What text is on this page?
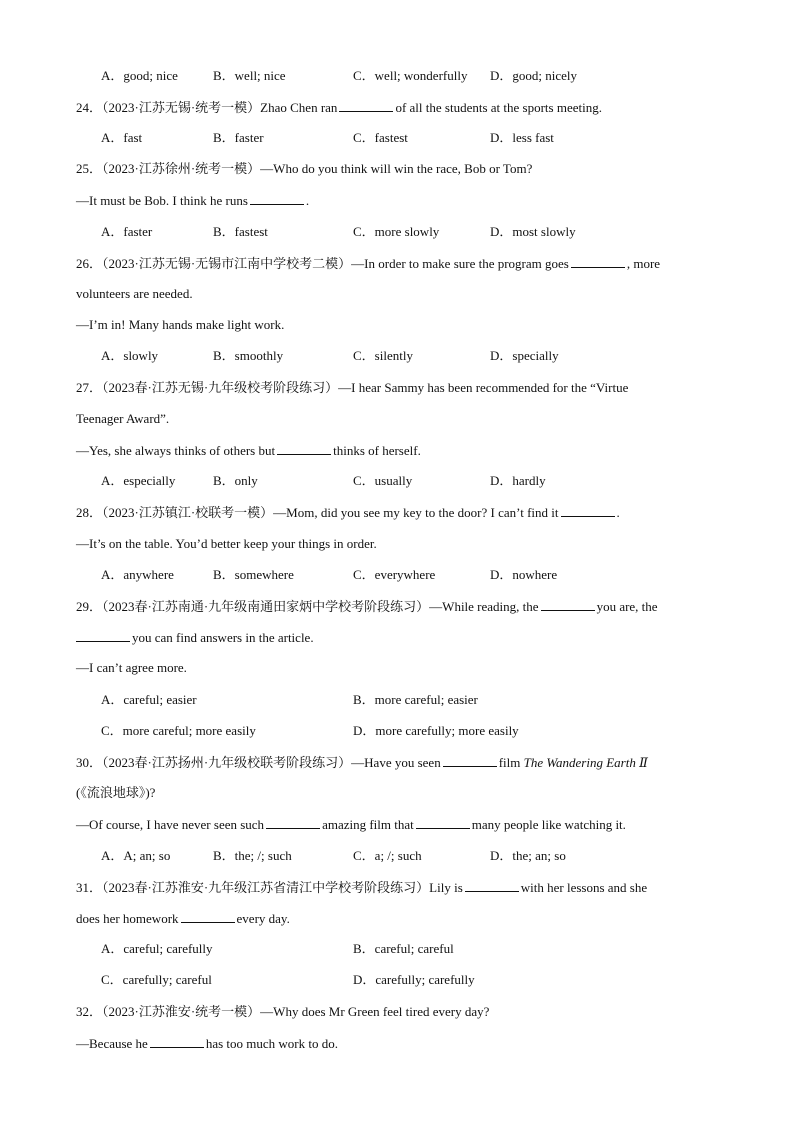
A．good; nice	B．well; nice	C．well; wonderfully D．good; nicely
24．（2023·江苏无锡·统考一模）Zhao Chen ran	of all the students at the sports meeting.
A．fast	B．faster	C．fastest	D．less fast
25．（2023·江苏徐州·统考一模）—Who do you think will win the race, Bob or Tom?
—It must be Bob. I think he runs	.
A．faster	B．fastest	C．more slowly	D．most slowly
26．（2023·江苏无锡·无锡市江南中学校考二模）—In order to make sure the program goes	, more
volunteers are needed.
—I’m in! Many hands make light work.
A．slowly	B．smoothly	C．silently	D．specially
27．（2023春·江苏无锡·九年级校考阶段练习）—I hear Sammy has been recommended for the “Virtue
Teenager Award”.
—Yes, she always thinks of others but	thinks of herself.
A．especially	B．only	C．usually	D．hardly
28．（2023·江苏镇江·校联考一模）—Mom, did you see my key to the door? I can’t find it	.
—It’s on the table. You’d better keep your things in order.
A．anywhere	B．somewhere	C．everywhere	D．nowhere
29．（2023春·江苏南通·九年级南通田家炳中学校考阶段练习）—While reading, the	you are, the
you can find answers in the article.
—I can’t agree more.
A．careful; easier	B．more careful; easier
C．more careful; more easily	D．more carefully; more easily
30．（2023春·江苏扬州·九年级校联考阶段练习）—Have you seen	film The Wandering Earth Ⅱ
(《流浪地球》)?
—Of course, I have never seen such	amazing film that	many people like watching it.
A．A; an; so	B．the; /; such	C．a; /; such	D．the; an; so
31．（2023春·江苏淮安·九年级江苏省清江中学校考阶段练习）Lily is	with her lessons and she
does her homework	every day.
A．careful; carefully	B．careful; careful
C．carefully; careful	D．carefully; carefully
32．（2023·江苏淮安·统考一模）—Why does Mr Green feel tired every day?
—Because he	has too much work to do.
